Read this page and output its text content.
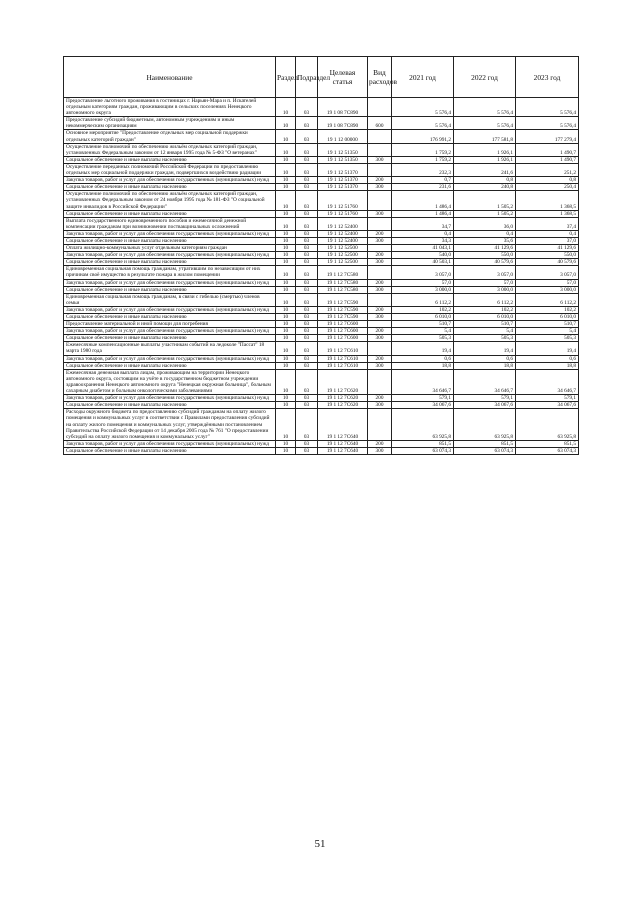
Наименование	Раздел	Подраздел	Целевая статья	Вид расходов	2021 год	2022 год	2023 год
Предоставление льготного проживания в гостиницах г. Нарьян-Мара и п. Искателей отдельным категориям граждан, проживающим в сельских поселениях Ненецкого автономного округа	10	03	19 1 08 7С890		5 576,4	5 576,4	5 576,4
Предоставление субсидий бюджетным, автономным учреждениям и иным некоммерческим организациям	10	03	19 1 08 7С890	600	5 576,4	5 576,4	5 576,4
Основное мероприятие "Предоставление отдельных мер социальной поддержки отдельных категорий граждан"	10	03	19 1 12 00000		176 991,2	177 581,8	177 279,4
Осуществление полномочий по обеспечению жильём отдельных категорий граждан, установленных Федеральным законом от 12 января 1995 года № 5-ФЗ "О ветеранах"	10	03	19 1 12 51350		1 759,2	1 926,1	1 490,7
Социальное обеспечение и иные выплаты населению	10	03	19 1 12 51350	300	1 759,2	1 926,1	1 490,7
Осуществление переданных полномочий Российской Федерации по предоставлению отдельных мер социальной поддержки граждан, подвергшихся воздействию радиации	10	03	19 1 12 51370		232,3	241,6	251,2
Закупка товаров, работ и услуг для обеспечения государственных (муниципальных) нужд	10	03	19 1 12 51370	200	0,7	0,8	0,8
Социальное обеспечение и иные выплаты населению	10	03	19 1 12 51370	300	231,6	240,8	250,4
Осуществление полномочий по обеспечению жильём отдельных категорий граждан, установленных Федеральным законом от 24 ноября 1995 года № 181-ФЗ "О социальной защите инвалидов в Российской Федерации"	10	03	19 1 12 51760		1 486,4	1 505,2	1 368,5
Социальное обеспечение и иные выплаты населению	10	03	19 1 12 51760	300	1 486,4	1 505,2	1 368,5
Выплата государственного единовременного пособия и ежемесячной денежной компенсации гражданам при возникновении поствакцинальных осложнений	10	03	19 1 12 52400		34,7	36,0	37,4
Закупка товаров, работ и услуг для обеспечения государственных (муниципальных) нужд	10	03	19 1 12 52400	200	0,4	0,4	0,4
Социальное обеспечение и иные выплаты населению	10	03	19 1 12 52400	300	34,3	35,6	37,0
Оплата жилищно-коммунальных услуг отдельным категориям граждан	10	03	19 1 12 52500		41 043,1	41 129,6	41 129,6
Закупка товаров, работ и услуг для обеспечения государственных (муниципальных) нужд	10	03	19 1 12 52500	200	540,0	550,0	550,0
Социальное обеспечение и иные выплаты населению	10	03	19 1 12 52500	300	40 503,1	40 579,6	40 579,6
Единовременная социальная помощь гражданам, утратившим по независящим от них причинам своё имущество в результате пожара в жилом помещении	10	03	19 1 12 7С580		3 057,0	3 057,0	3 057,0
Закупка товаров, работ и услуг для обеспечения государственных (муниципальных) нужд	10	03	19 1 12 7С580	200	57,0	57,0	57,0
Социальное обеспечение и иные выплаты населению	10	03	19 1 12 7С580	300	3 000,0	3 000,0	3 000,0
Единовременная социальная помощь гражданам, в связи с гибелью (смертью) членов семьи	10	03	19 1 12 7С590		6 112,2	6 112,2	6 112,2
Закупка товаров, работ и услуг для обеспечения государственных (муниципальных) нужд	10	03	19 1 12 7С590	200	102,2	102,2	102,2
Социальное обеспечение и иные выплаты населению	10	03	19 1 12 7С590	300	6 010,0	6 010,0	6 010,0
Предоставление материальной и иной помощи для погребения	10	03	19 1 12 7С600		510,7	510,7	510,7
Закупка товаров, работ и услуг для обеспечения государственных (муниципальных) нужд	10	03	19 1 12 7С600	200	5,4	5,4	5,4
Социальное обеспечение и иные выплаты населению	10	03	19 1 12 7С600	300	505,3	505,3	505,3
Ежемесячные компенсационные выплаты участникам событий на ледоколе "Пассат" 18 марта 1980 года	10	03	19 1 12 7С610		19,4	19,4	19,4
Закупка товаров, работ и услуг для обеспечения государственных (муниципальных) нужд	10	03	19 1 12 7С610	200	0,6	0,6	0,6
Социальное обеспечение и иные выплаты населению	10	03	19 1 12 7С610	300	18,8	18,8	18,8
Ежемесячная денежная выплата лицам, проживающим на территории Ненецкого автономного округа, состоящим на учёте в государственном бюджетном учреждении здравоохранения Ненецкого автономного округа "Ненецкая окружная больница", больным сахарным диабетом и больным онкологическими заболеваниями	10	03	19 1 12 7С620		34 646,7	34 646,7	34 646,7
Закупка товаров, работ и услуг для обеспечения государственных (муниципальных) нужд	10	03	19 1 12 7С620	200	579,1	579,1	579,1
Социальное обеспечение и иные выплаты населению	10	03	19 1 12 7С620	300	34 067,6	34 067,6	34 067,6
Расходы окружного бюджета по предоставлению субсидий гражданам на оплату жилого помещения и коммунальных услуг в соответствии с Правилами предоставления субсидий на оплату жилого помещения и коммунальных услуг, утверждёнными постановлением Правительства Российской Федерации от 14 декабря 2005 года № 761 "О предоставлении субсидий на оплату жилого помещения и коммунальных услуг"	10	03	19 1 12 7С640		63 925,8	63 925,8	63 925,8
Закупка товаров, работ и услуг для обеспечения государственных (муниципальных) нужд	10	03	19 1 12 7С640	200	851,5	851,5	851,5
Социальное обеспечение и иные выплаты населению	10	03	19 1 12 7С640	300	63 074,3	63 074,3	63 074,3
51
